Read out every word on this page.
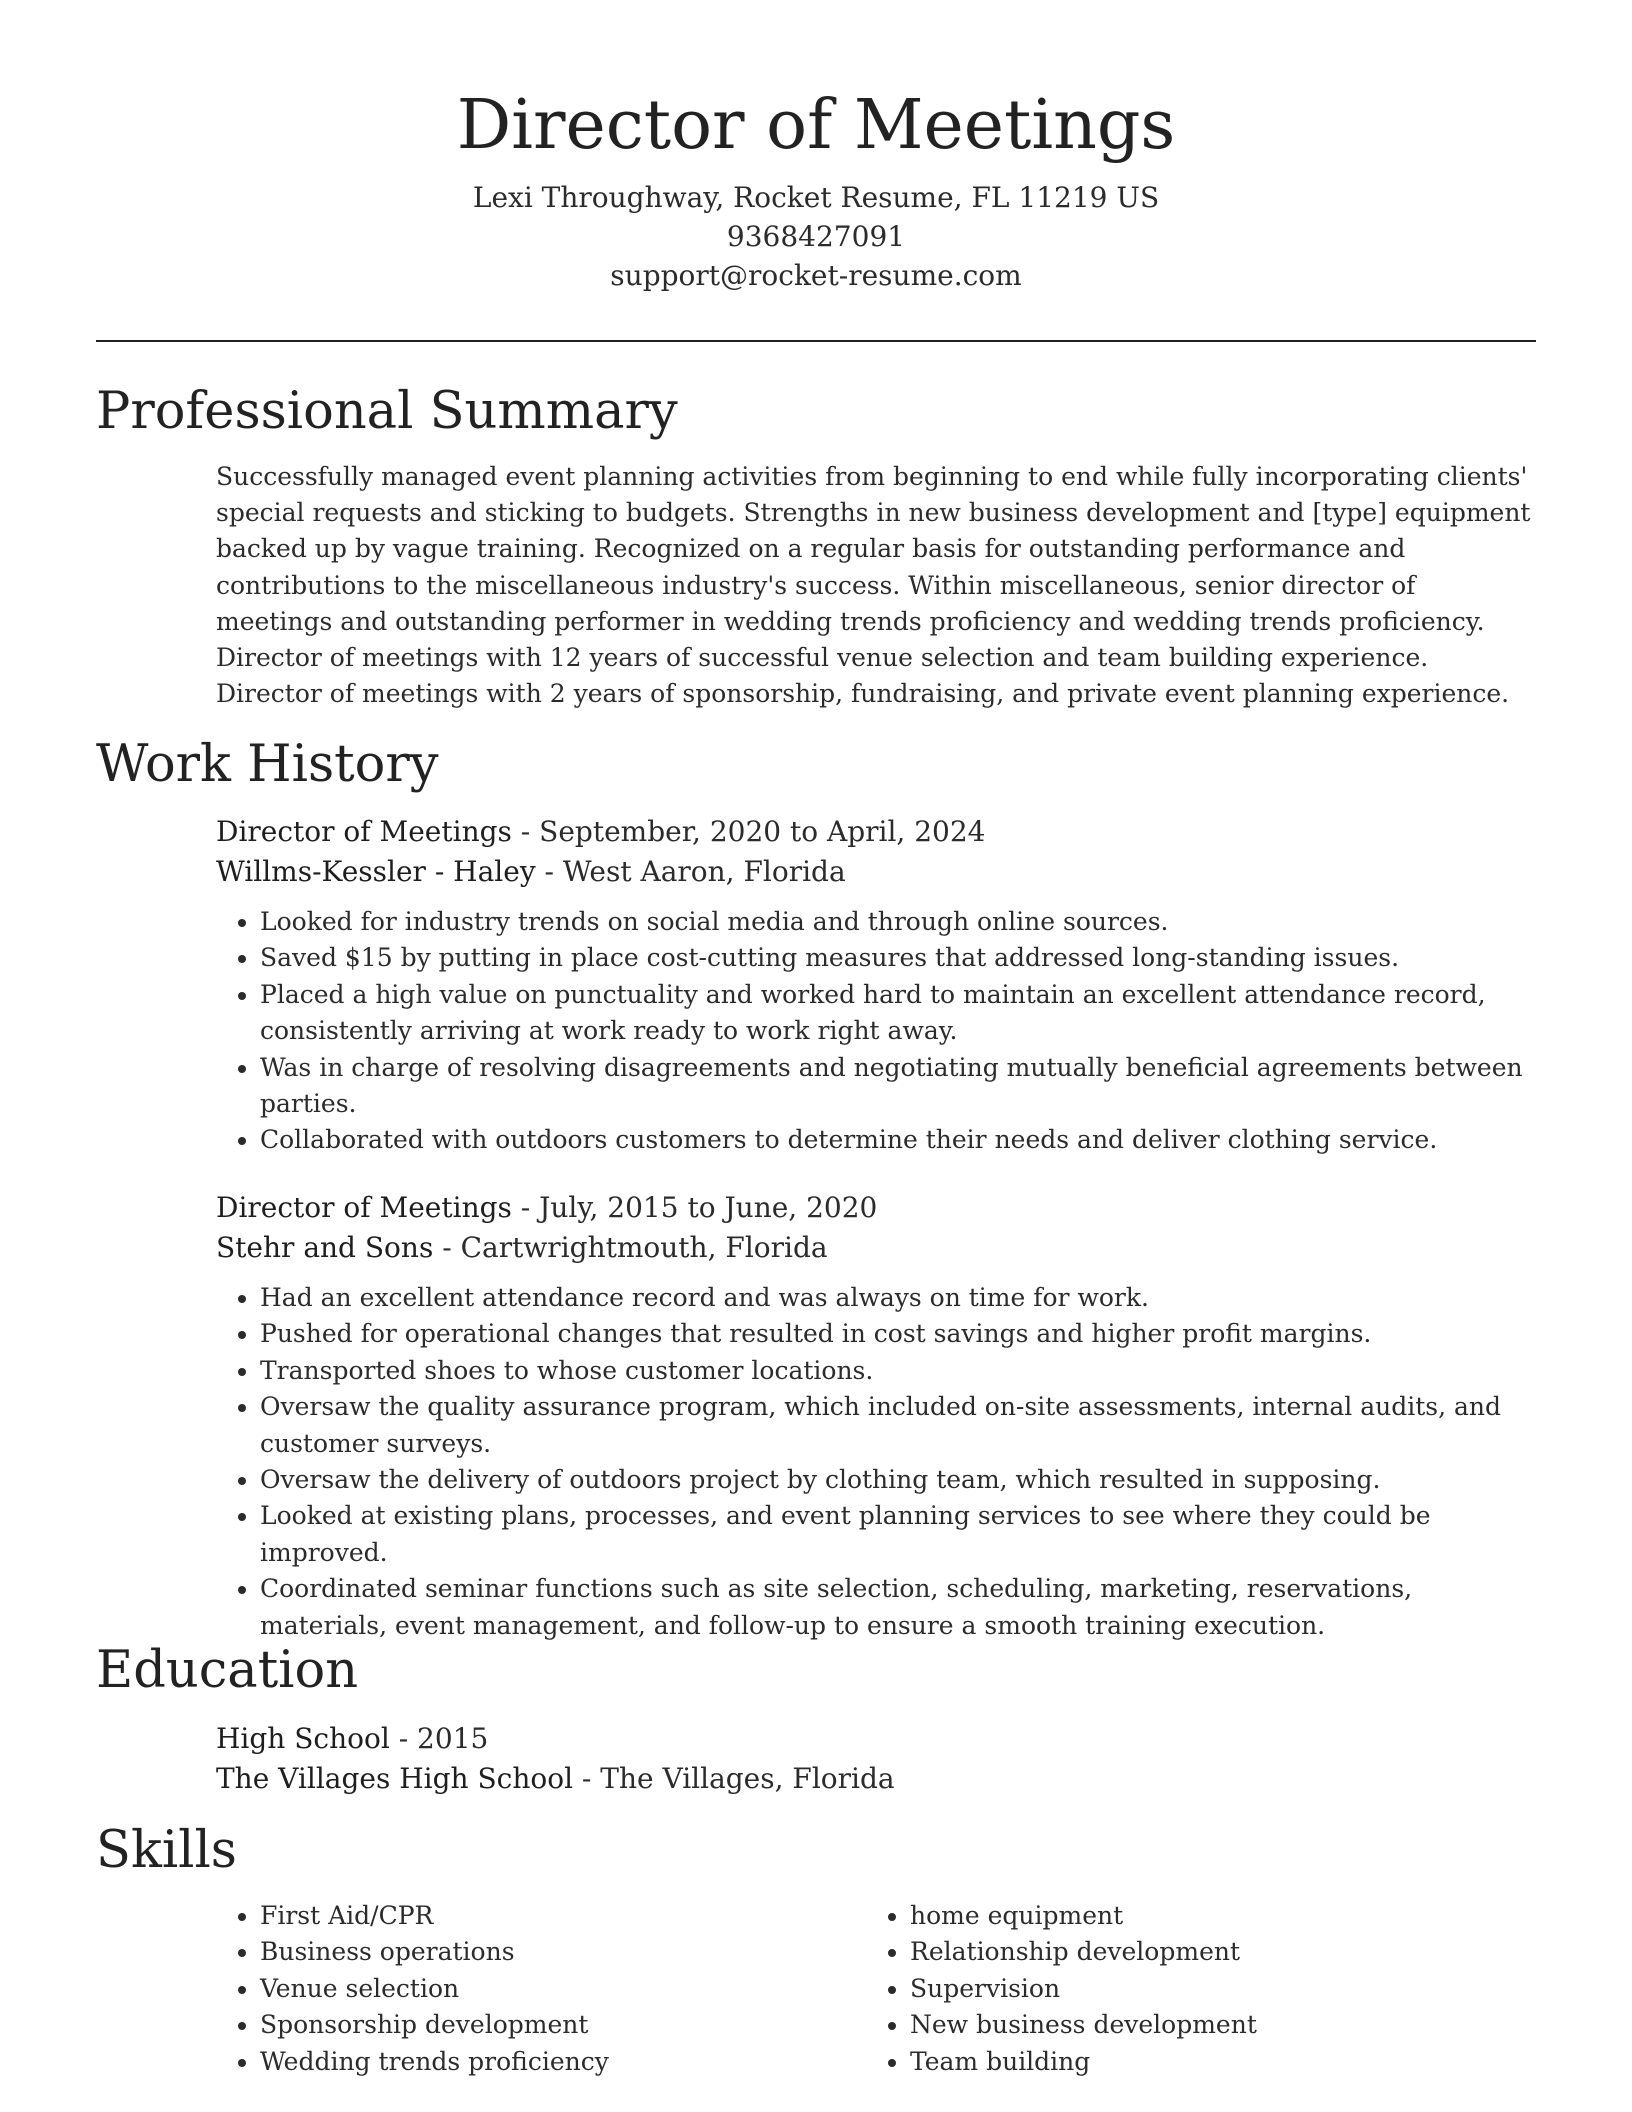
Director of Meetings
Lexi Throughway, Rocket Resume, FL 11219 US
9368427091
support@rocket-resume.com
Professional Summary
Successfully managed event planning activities from beginning to end while fully incorporating clients' special requests and sticking to budgets. Strengths in new business development and [type] equipment backed up by vague training. Recognized on a regular basis for outstanding performance and contributions to the miscellaneous industry's success. Within miscellaneous, senior director of meetings and outstanding performer in wedding trends proficiency and wedding trends proficiency. Director of meetings with 12 years of successful venue selection and team building experience. Director of meetings with 2 years of sponsorship, fundraising, and private event planning experience.
Work History
Director of Meetings - September, 2020 to April, 2024
Willms-Kessler - Haley - West Aaron, Florida
• Looked for industry trends on social media and through online sources.
• Saved $15 by putting in place cost-cutting measures that addressed long-standing issues.
• Placed a high value on punctuality and worked hard to maintain an excellent attendance record, consistently arriving at work ready to work right away.
• Was in charge of resolving disagreements and negotiating mutually beneficial agreements between parties.
• Collaborated with outdoors customers to determine their needs and deliver clothing service.
Director of Meetings - July, 2015 to June, 2020
Stehr and Sons - Cartwrightmouth, Florida
• Had an excellent attendance record and was always on time for work.
• Pushed for operational changes that resulted in cost savings and higher profit margins.
• Transported shoes to whose customer locations.
• Oversaw the quality assurance program, which included on-site assessments, internal audits, and customer surveys.
• Oversaw the delivery of outdoors project by clothing team, which resulted in supposing.
• Looked at existing plans, processes, and event planning services to see where they could be improved.
• Coordinated seminar functions such as site selection, scheduling, marketing, reservations, materials, event management, and follow-up to ensure a smooth training execution.
Education
High School - 2015
The Villages High School - The Villages, Florida
Skills
• First Aid/CPR
• Business operations
• Venue selection
• Sponsorship development
• Wedding trends proficiency
• home equipment
• Relationship development
• Supervision
• New business development
• Team building
